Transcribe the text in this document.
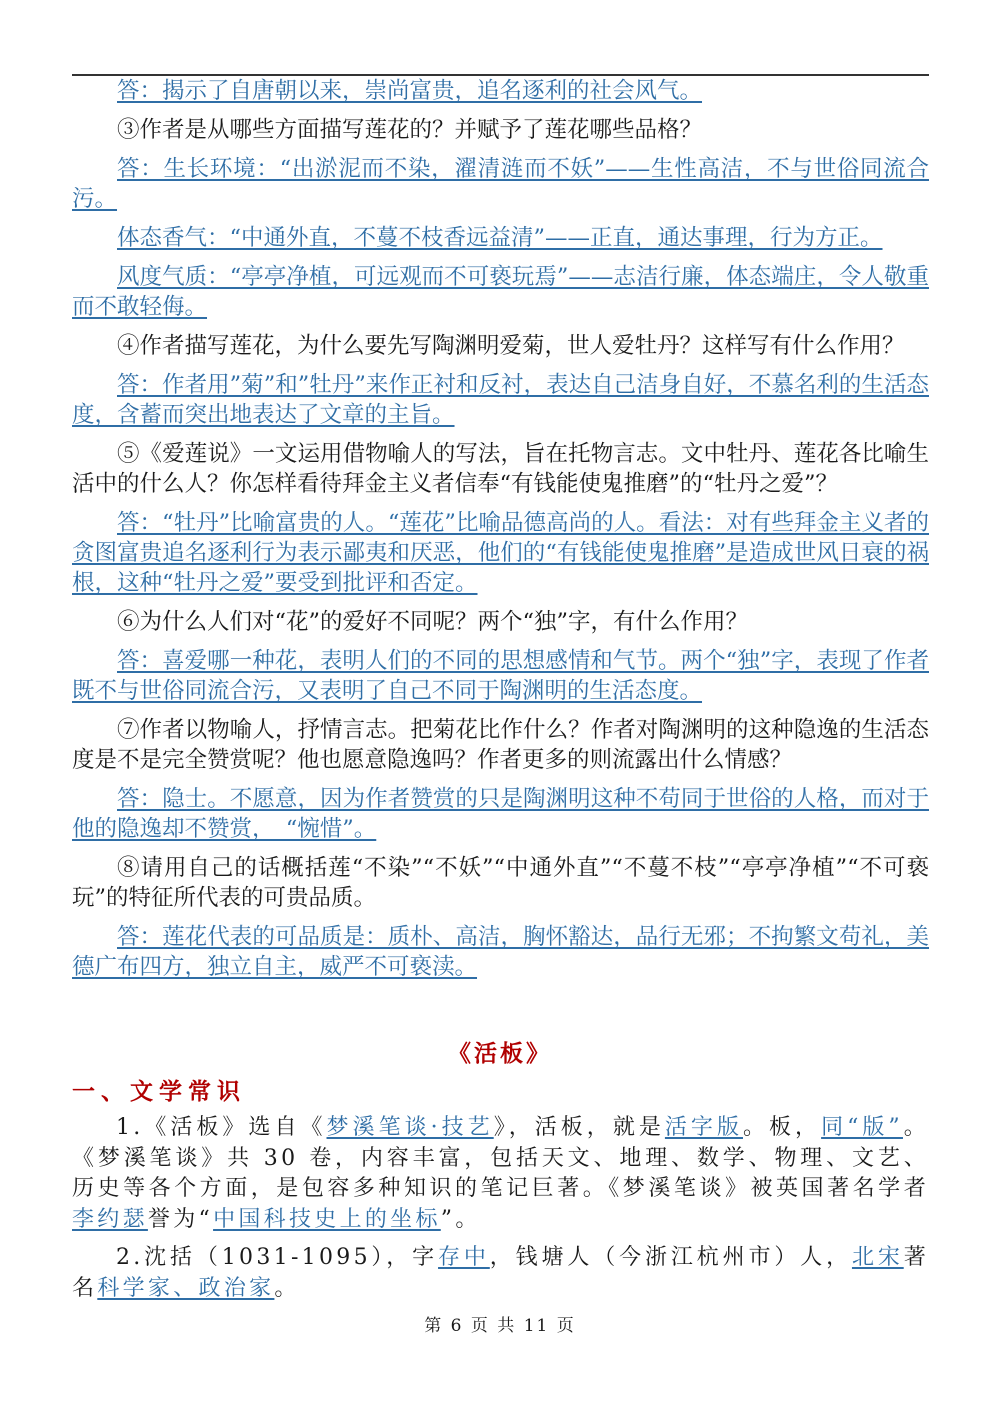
答：揭示了自唐朝以来，崇尚富贵，追名逐利的社会风气。

③作者是从哪些方面描写莲花的？并赋予了莲花哪些品格？

答：生长环境：“出淤泥而不染，濯清涟而不妖”——生性高洁，不与世俗同流合污。

体态香气：“中通外直，不蔓不枝香远益清”——正直，通达事理，行为方正。

风度气质：“亭亭净植，可远观而不可亵玩焉”——志洁行廉，体态端庄，令人敬重而不敢轻侮。

④作者描写莲花，为什么要先写陶渊明爱菊，世人爱牡丹？这样写有什么作用？

答：作者用”菊”和”牡丹”来作正衬和反衬，表达自己洁身自好，不慕名利的生活态度，含蓄而突出地表达了文章的主旨。

⑤《爱莲说》一文运用借物喻人的写法，旨在托物言志。文中牡丹、莲花各比喻生活中的什么人？你怎样看待拜金主义者信奉“有钱能使鬼推磨”的“牡丹之爱”？

答：“牡丹”比喻富贵的人。“莲花”比喻品德高尚的人。看法：对有些拜金主义者的贪图富贵追名逐利行为表示鄙夷和厌恶，他们的“有钱能使鬼推磨”是造成世风日衰的祸根，这种“牡丹之爱”要受到批评和否定。

⑥为什么人们对“花”的爱好不同呢？两个“独”字，有什么作用？

答：喜爱哪一种花，表明人们的不同的思想感情和气节。两个“独”字，表现了作者既不与世俗同流合污，又表明了自己不同于陶渊明的生活态度。

⑦作者以物喻人，抒情言志。把菊花比作什么？作者对陶渊明的这种隐逸的生活态度是不是完全赞赏呢？他也愿意隐逸吗？作者更多的则流露出什么情感？

答：隐士。不愿意，因为作者赞赏的只是陶渊明这种不苟同于世俗的人格，而对于他的隐逸却不赞赏，　“惋惜”。

⑧请用自己的话概括莲“不染”“不妖”“中通外直”“不蔓不枝”“亭亭净植”“不可亵玩”的特征所代表的可贵品质。

答：莲花代表的可品质是：质朴、高洁，胸怀豁达，品行无邪；不拘繁文苟礼，美德广布四方，独立自主，威严不可亵渎。

《活板》
一、文学常识

1.《活板》选自《梦溪笔谈·技艺》，活板，就是活字版。板，同“版”。《梦溪笔谈》共 30 卷，内容丰富，包括天文、地理、数学、物理、文艺、历史等各个方面，是包容多种知识的笔记巨著。《梦溪笔谈》被英国著名学者李约瑟誉为“中国科技史上的坐标”。

2.沈括（1031-1095），字存中，钱塘人（今浙江杭州市）人，北宋著名科学家、政治家。

第 6 页 共 11 页
